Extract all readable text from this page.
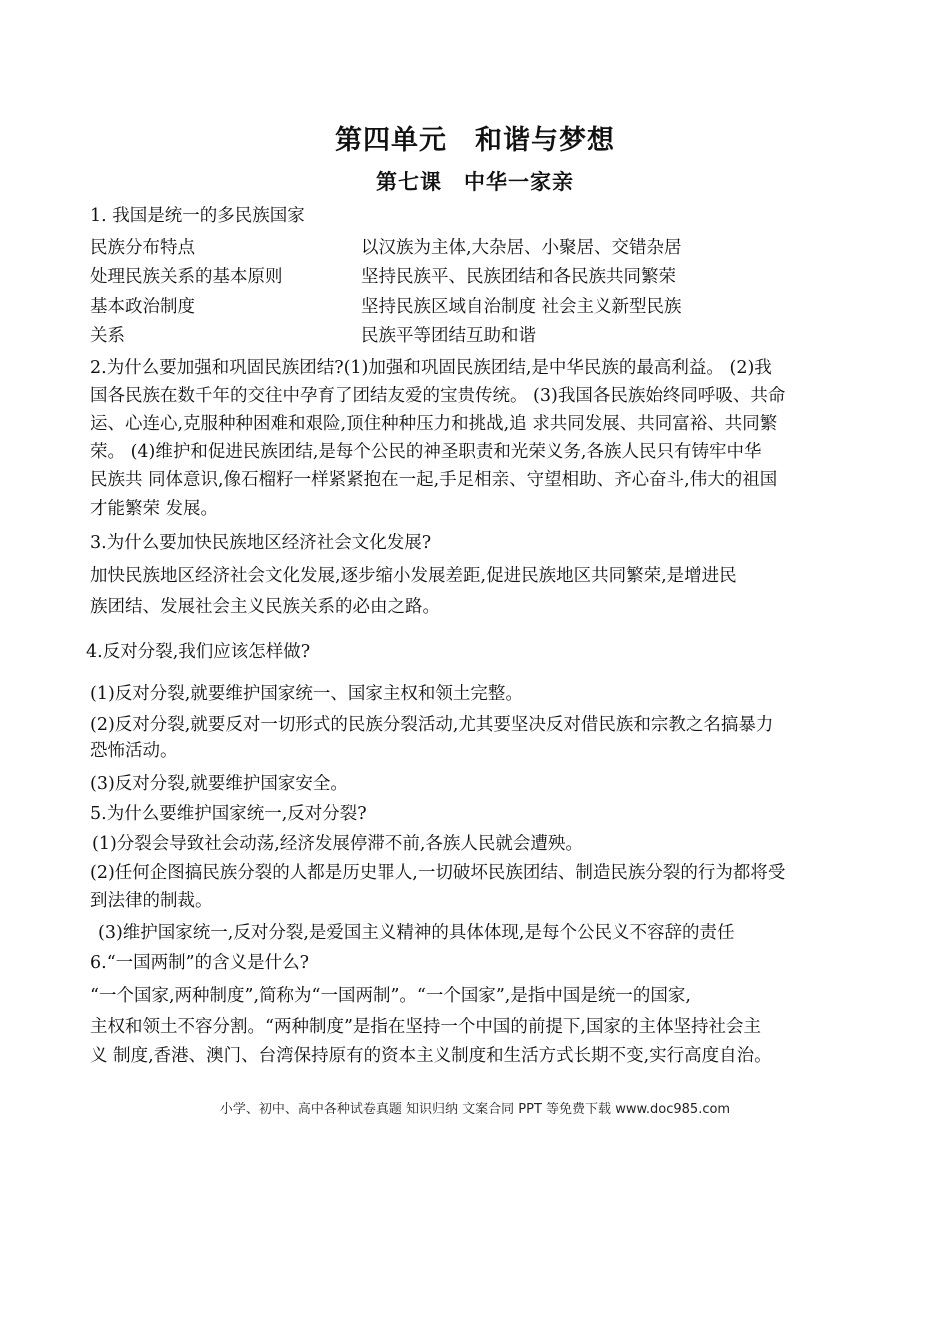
第四单元　和谐与梦想
第七课　中华一家亲
1. 我国是统一的多民族国家
民族分布特点	以汉族为主体,大杂居、小聚居、交错杂居
处理民族关系的基本原则	坚持民族平、民族团结和各民族共同繁荣
基本政治制度	坚持民族区域自治制度 社会主义新型民族
关系	民族平等团结互助和谐
2.为什么要加强和巩固民族团结?(1)加强和巩固民族团结,是中华民族的最高利益。 (2)我
国各民族在数千年的交往中孕育了团结友爱的宝贵传统。 (3)我国各民族始终同呼吸、共命
运、心连心,克服种种困难和艰险,顶住种种压力和挑战,追 求共同发展、共同富裕、共同繁
荣。 (4)维护和促进民族团结,是每个公民的神圣职责和光荣义务,各族人民只有铸牢中华
民族共 同体意识,像石榴籽一样紧紧抱在一起,手足相亲、守望相助、齐心奋斗,伟大的祖国
才能繁荣 发展。
3.为什么要加快民族地区经济社会文化发展?
加快民族地区经济社会文化发展,逐步缩小发展差距,促进民族地区共同繁荣,是增进民
族团结、发展社会主义民族关系的必由之路。
4.反对分裂,我们应该怎样做?
(1)反对分裂,就要维护国家统一、国家主权和领土完整。
(2)反对分裂,就要反对一切形式的民族分裂活动,尤其要坚决反对借民族和宗教之名搞暴力
恐怖活动。
(3)反对分裂,就要维护国家安全。
5.为什么要维护国家统一,反对分裂?
(1)分裂会导致社会动荡,经济发展停滞不前,各族人民就会遭殃。
(2)任何企图搞民族分裂的人都是历史罪人,一切破坏民族团结、制造民族分裂的行为都将受
到法律的制裁。
(3)维护国家统一,反对分裂,是爱国主义精神的具体体现,是每个公民义不容辞的责任
6.“一国两制”的含义是什么?
“一个国家,两种制度”,简称为“一国两制”。“一个国家”,是指中国是统一的国家,
主权和领土不容分割。“两种制度”是指在坚持一个中国的前提下,国家的主体坚持社会主
义 制度,香港、澳门、台湾保持原有的资本主义制度和生活方式长期不变,实行高度自治。
小学、初中、高中各种试卷真题 知识归纳 文案合同 PPT 等免费下载 www.doc985.com
